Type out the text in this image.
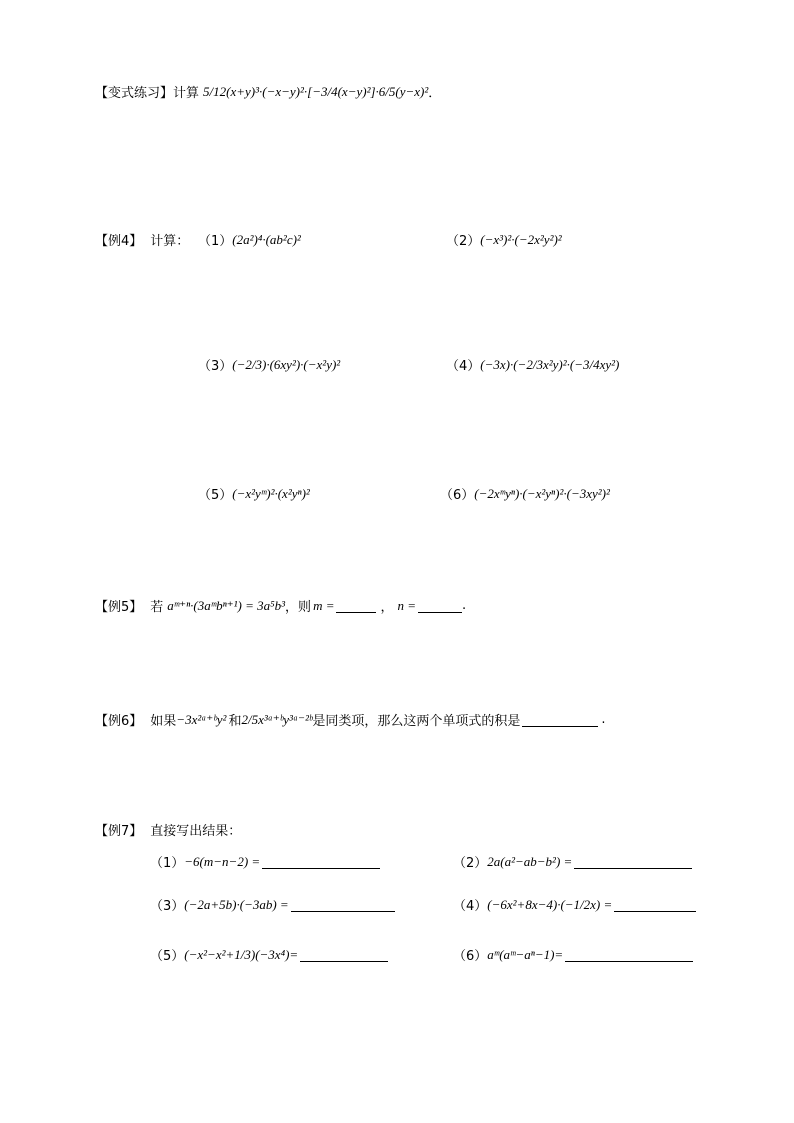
【变式练习】 计算 5/12(x+y)³·(−x−y)²·[−3/4(x−y)²]·6/5(y−x)² ．
【例4】 计算： （1） (2a²)⁴·(ab²c)²	（2） (−x³)²·(−2x²y²)²
（3） (−2/3)·(6xy²)·(−x²y)²	（4） (−3x)·(−2/3x²y)²·(−3/4xy²)
（5） (−x²yᵐ)²·(x²yⁿ)²	（6） (−2xᵐyⁿ)·(−x²yⁿ)²·(−3xy²)²
【例5】 若 aᵐ⁺ⁿ·(3aᵐbⁿ⁺¹) = 3a⁵b³ ，则 m =	， n =	.
【例6】 如果 −3x²ᵃ⁺ᵇy² 和 2/5x³ᵃ⁺ᵇy³ᵃ⁻²ᵇ 是同类项，那么这两个单项式的积是	.
【例7】 直接写出结果：
（1） −6(m−n−2) =	（2） 2a(a²−ab−b²) =
（3） (−2a+5b)·(−3ab) =	（4） (−6x²+8x−4)·(−1/2x) =
（5） (−x²−x²+1/3)(−3x⁴)=	（6） aᵐ(aᵐ−aⁿ−1)=
